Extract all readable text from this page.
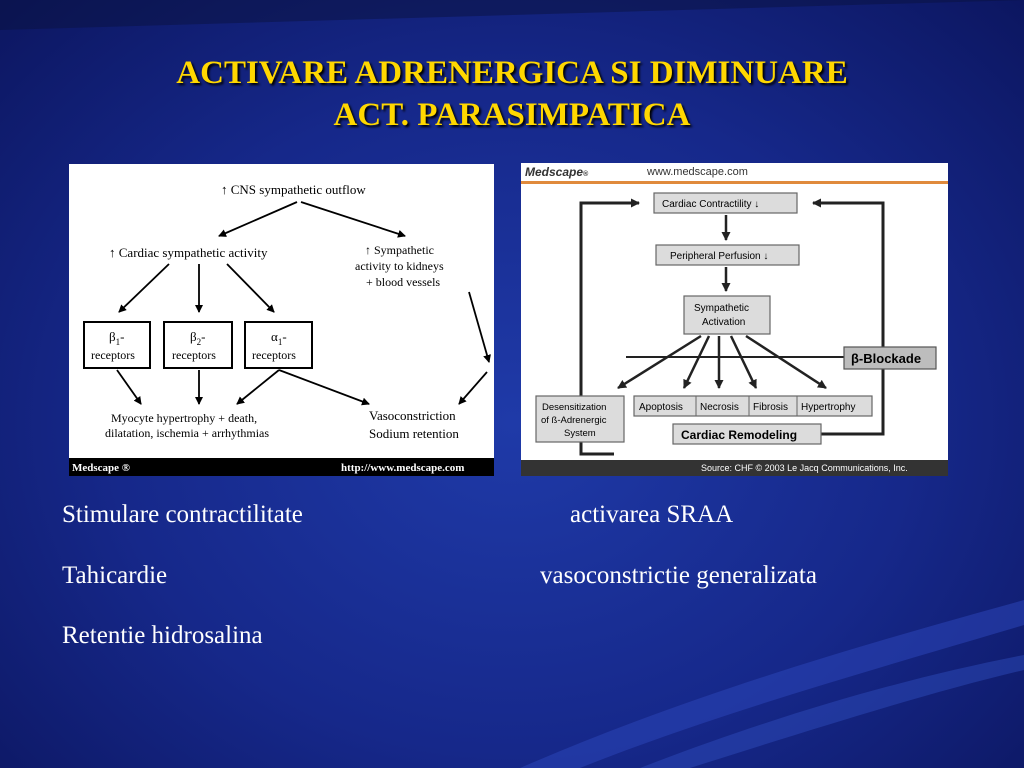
ACTIVARE ADRENERGICA SI DIMINUARE
ACT. PARASIMPATICA
↑ CNS sympathetic outflow
↑ Cardiac sympathetic activity	↑ Sympathetic
activity to kidneys
+ blood vessels
$\beta_1-$
receptors
$\beta_2-$
receptors
$\alpha_1-$
receptors
Myocyte hypertrophy + death,
dilatation, ischemia + arrhythmias
Vasoconstriction
Sodium retention
Medscape ®	http://www.medscape.com
Medscape®	www.medscape.com
Cardiac Contractility ↓
Peripheral Perfusion ↓
Sympathetic
Activation
β-Blockade
Desensitization
of ß-Adrenergic
System
Apoptosis Necrosis Fibrosis Hypertrophy
Cardiac Remodeling
Source: CHF © 2003 Le Jacq Communications, Inc.
Stimulare contractilitate
Tahicardie
Retentie hidrosalina
activarea SRAA
vasoconstrictie generalizata
